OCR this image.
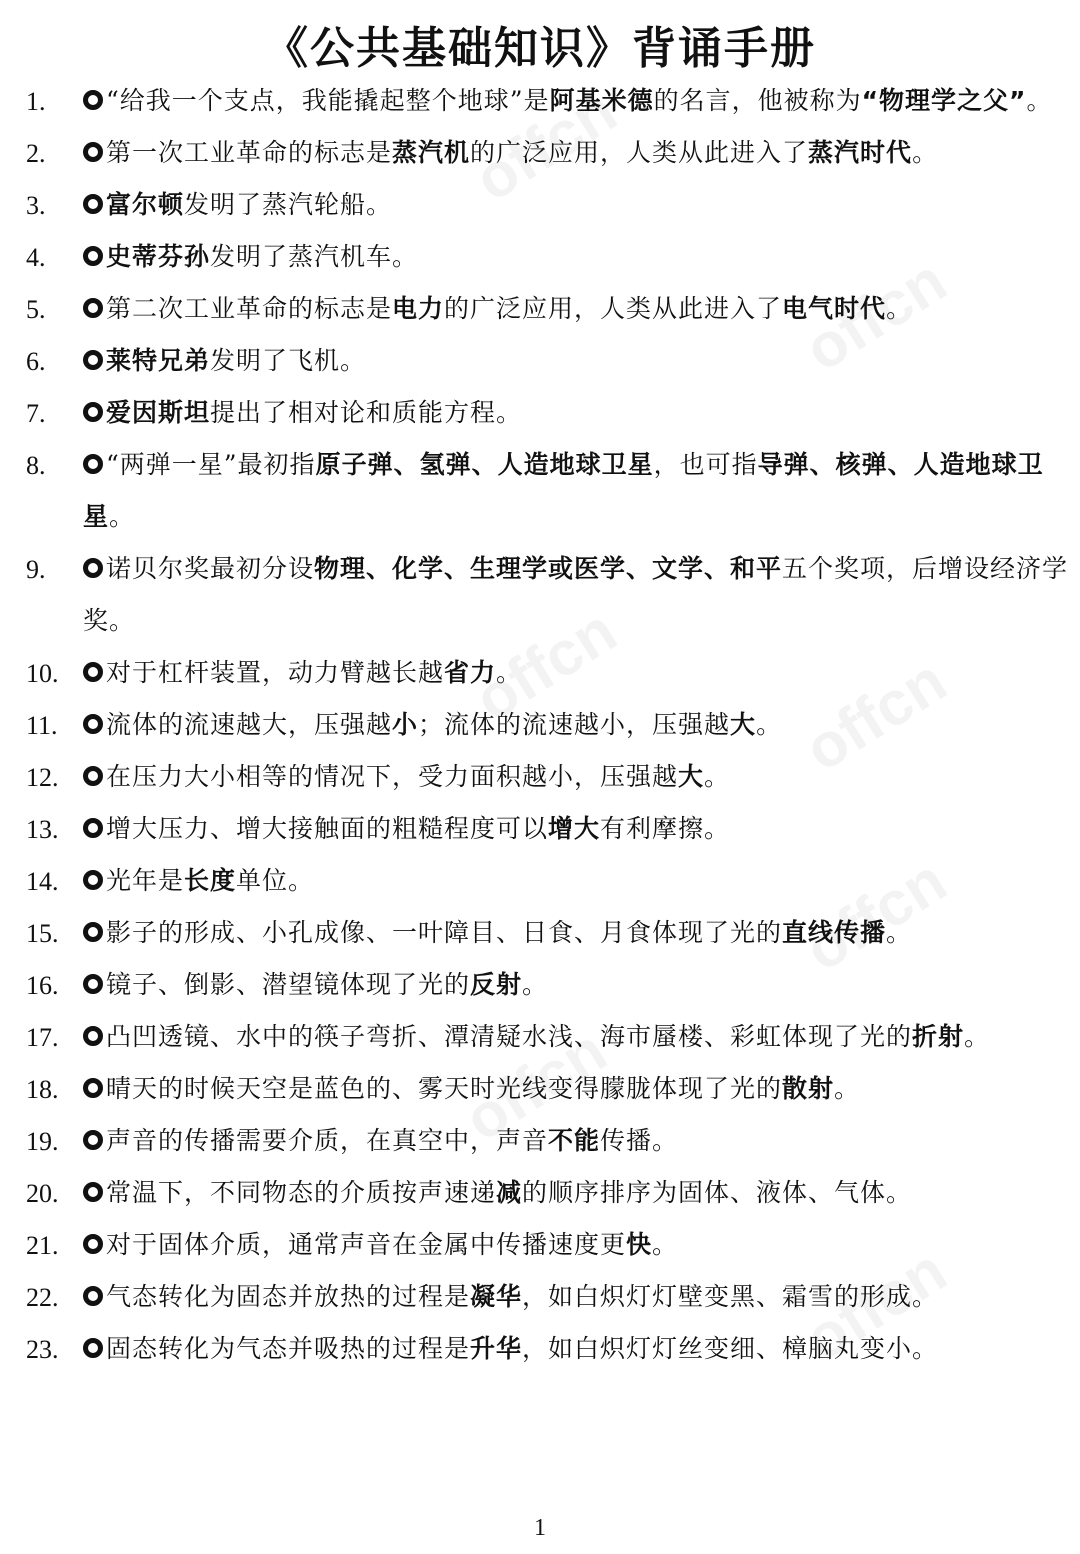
《公共基础知识》背诵手册
1. “给我一个支点，我能撬起整个地球”是阿基米德的名言，他被称为“物理学之父”。
2. 第一次工业革命的标志是蒸汽机的广泛应用，人类从此进入了蒸汽时代。
3. 富尔顿发明了蒸汽轮船。
4. 史蒂芬孙发明了蒸汽机车。
5. 第二次工业革命的标志是电力的广泛应用，人类从此进入了电气时代。
6. 莱特兄弟发明了飞机。
7. 爱因斯坦提出了相对论和质能方程。
8. “两弹一星”最初指原子弹、氢弹、人造地球卫星，也可指导弹、核弹、人造地球卫星。
9. 诺贝尔奖最初分设物理、化学、生理学或医学、文学、和平五个奖项，后增设经济学奖。
10. 对于杠杆装置，动力臂越长越省力。
11. 流体的流速越大，压强越小；流体的流速越小，压强越大。
12. 在压力大小相等的情况下，受力面积越小，压强越大。
13. 增大压力、增大接触面的粗糙程度可以增大有利摩擦。
14. 光年是长度单位。
15. 影子的形成、小孔成像、一叶障目、日食、月食体现了光的直线传播。
16. 镜子、倒影、潜望镜体现了光的反射。
17. 凸凹透镜、水中的筷子弯折、潭清疑水浅、海市蜃楼、彩虹体现了光的折射。
18. 晴天的时候天空是蓝色的、雾天时光线变得朦胧体现了光的散射。
19. 声音的传播需要介质，在真空中，声音不能传播。
20. 常温下，不同物态的介质按声速递减的顺序排序为固体、液体、气体。
21. 对于固体介质，通常声音在金属中传播速度更快。
22. 气态转化为固态并放热的过程是凝华，如白炽灯灯壁变黑、霜雪的形成。
23. 固态转化为气态并吸热的过程是升华，如白炽灯灯丝变细、樟脑丸变小。
1
